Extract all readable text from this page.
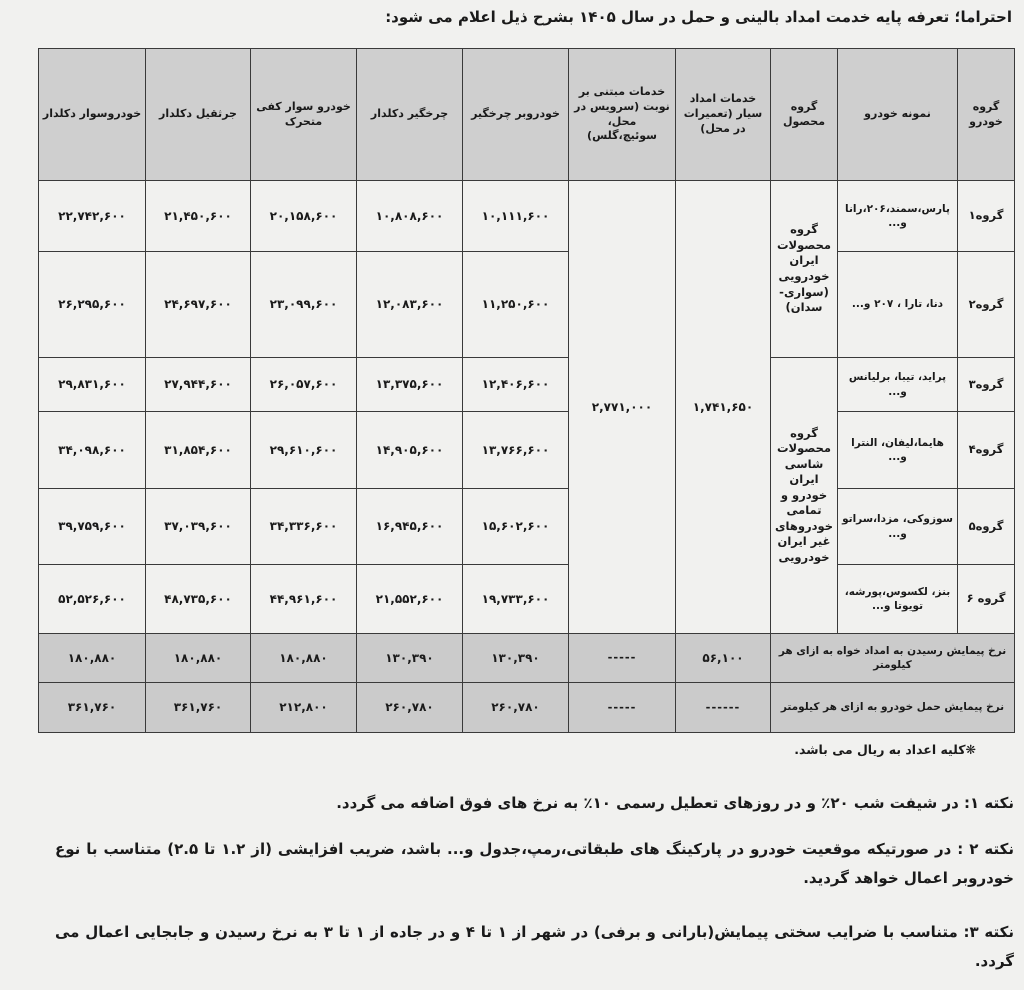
احتراما؛ تعرفه پایه خدمت امداد بالینی و حمل در سال ۱۴۰۵ بشرح ذیل اعلام می شود:
گروه خودرو	نمونه خودرو	گروه محصول	خدمات امداد سیار (تعمیرات در محل)	خدمات مبتنی بر نوبت (سرویس در محل، سوئیچ،گلس)	خودروبر چرخگیر	چرخگیر دکلدار	خودرو سوار کفی متحرک	جرثقیل دکلدار	خودروسوار دکلدار
گروه۱	پارس،سمند،۲۰۶،رانا و...	گروه محصولات ایران خودرویی (سواری-سدان)	۱,۷۴۱,۶۵۰	۲,۷۷۱,۰۰۰	۱۰,۱۱۱,۶۰۰	۱۰,۸۰۸,۶۰۰	۲۰,۱۵۸,۶۰۰	۲۱,۴۵۰,۶۰۰	۲۲,۷۴۲,۶۰۰
گروه۲	دنا، تارا ، ۲۰۷ و...				۱۱,۲۵۰,۶۰۰	۱۲,۰۸۳,۶۰۰	۲۳,۰۹۹,۶۰۰	۲۴,۶۹۷,۶۰۰	۲۶,۲۹۵,۶۰۰
گروه۳	پراید، تیبا، برلیانس و...	گروه محصولات شاسی ایران خودرو و تمامی خودروهای غیر ایران خودرویی			۱۲,۴۰۶,۶۰۰	۱۳,۳۷۵,۶۰۰	۲۶,۰۵۷,۶۰۰	۲۷,۹۴۴,۶۰۰	۲۹,۸۳۱,۶۰۰
گروه۴	هایما،لیفان، النترا و...				۱۳,۷۶۶,۶۰۰	۱۴,۹۰۵,۶۰۰	۲۹,۶۱۰,۶۰۰	۳۱,۸۵۴,۶۰۰	۳۴,۰۹۸,۶۰۰
گروه۵	سوزوکی، مزدا،سراتو و...				۱۵,۶۰۲,۶۰۰	۱۶,۹۴۵,۶۰۰	۳۴,۳۳۶,۶۰۰	۳۷,۰۳۹,۶۰۰	۳۹,۷۵۹,۶۰۰
گروه ۶	بنز، لکسوس،پورشه، تویوتا و...				۱۹,۷۳۳,۶۰۰	۲۱,۵۵۲,۶۰۰	۴۴,۹۶۱,۶۰۰	۴۸,۷۳۵,۶۰۰	۵۲,۵۲۶,۶۰۰
نرخ پیمایش رسیدن به امداد خواه به ازای هر کیلومتر			۵۶,۱۰۰	-----	۱۳۰,۳۹۰	۱۳۰,۳۹۰	۱۸۰,۸۸۰	۱۸۰,۸۸۰	۱۸۰,۸۸۰
نرخ پیمایش حمل خودرو به ازای هر کیلومتر			------	-----	۲۶۰,۷۸۰	۲۶۰,۷۸۰	۲۱۲,۸۰۰	۳۶۱,۷۶۰	۳۶۱,۷۶۰
❋کلیه اعداد به ریال می باشد.
نکته ۱: در شیفت شب ۲۰٪ و در روزهای تعطیل رسمی ۱۰٪ به نرخ های فوق اضافه می گردد.
نکته ۲ : در صورتیکه موقعیت خودرو در پارکینگ های طبقاتی،رمپ،جدول و... باشد، ضریب افزایشی (از ۱.۲ تا ۲.۵) متناسب با نوع خودروبر اعمال خواهد گردید.
نکته ۳: متناسب با ضرایب سختی پیمایش(بارانی و برفی) در شهر از ۱ تا ۴ و در جاده از ۱ تا ۳ به نرخ رسیدن و جابجایی اعمال می گردد.
